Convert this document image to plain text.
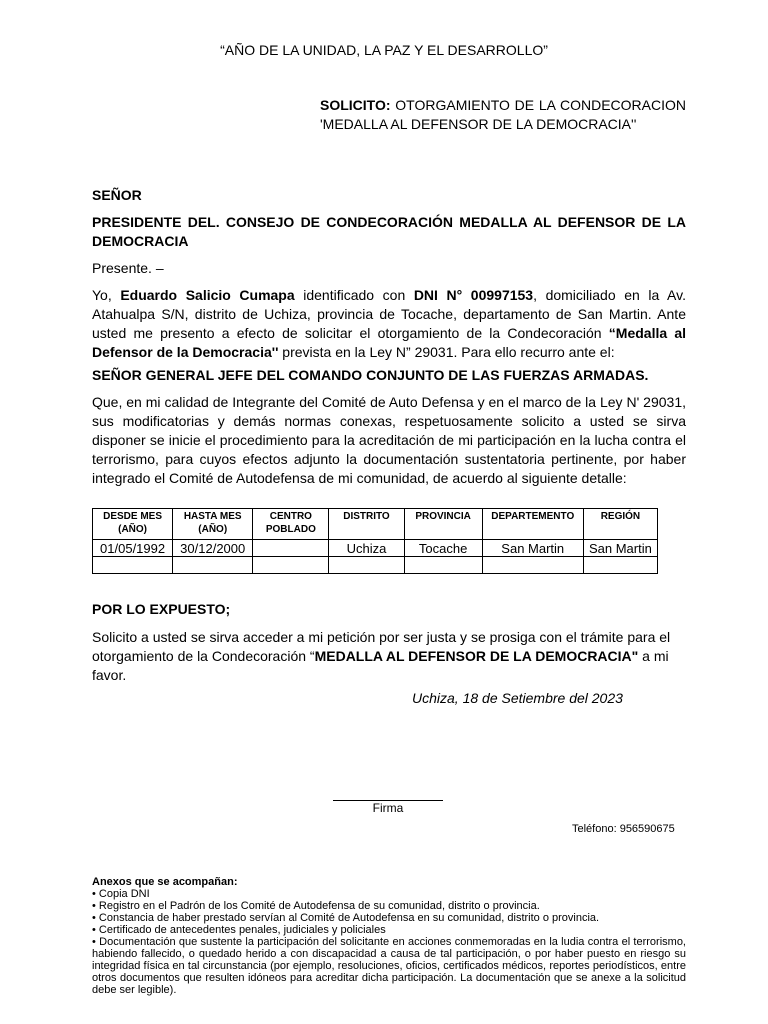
“AÑO DE LA UNIDAD, LA PAZ Y EL DESARROLLO”
SOLICITO: OTORGAMIENTO DE LA CONDECORACION 'MEDALLA AL DEFENSOR DE LA DEMOCRACIA''
SEÑOR
PRESIDENTE DEL. CONSEJO DE CONDECORACIÓN MEDALLA AL DEFENSOR DE LA DEMOCRACIA
Presente. –
Yo, Eduardo Salicio Cumapa identificado con DNI N° 00997153, domiciliado en la Av. Atahualpa S/N, distrito de Uchiza, provincia de Tocache, departamento de San Martin. Ante usted me presento a efecto de solicitar el otorgamiento de la Condecoración “Medalla al Defensor de la Democracia'' prevista en la Ley N” 29031. Para ello recurro ante el:
SEÑOR GENERAL JEFE DEL COMANDO CONJUNTO DE LAS FUERZAS ARMADAS.
Que, en mi calidad de Integrante del Comité de Auto Defensa y en el marco de la Ley N' 29031, sus modificatorias y demás normas conexas, respetuosamente solicito a usted se sirva disponer se inicie el procedimiento para la acreditación de mi participación en la lucha contra el terrorismo, para cuyos efectos adjunto la documentación sustentatoria pertinente, por haber integrado el Comité de Autodefensa de mi comunidad, de acuerdo al siguiente detalle:
DESDE MES (AÑO)	HASTA MES (AÑO)	CENTRO POBLADO	DISTRITO	PROVINCIA	DEPARTEMENTO	REGIÓN
01/05/1992	30/12/2000		Uchiza	Tocache	San Martin	San Martin

POR LO EXPUESTO;
Solicito a usted se sirva acceder a mi petición por ser justa y se prosiga con el trámite para el otorgamiento de la Condecoración “MEDALLA AL DEFENSOR DE LA DEMOCRACIA" a mi favor.
Uchiza, 18 de Setiembre del 2023
Firma
Teléfono: 956590675
Anexos que se acompañan:
• Copia DNI
• Registro en el Padrón de los Comité de Autodefensa de su comunidad, distrito o provincia.
• Constancia de haber prestado servían al Comité de Autodefensa en su comunidad, distrito o provincia.
• Certificado de antecedentes penales, judiciales y policiales
• Documentación que sustente la participación del solicitante en acciones conmemoradas en la ludia contra el terrorismo, habiendo fallecido, o quedado herido a con discapacidad a causa de tal participación, o por haber puesto en riesgo su integridad física en tal circunstancia (por ejemplo, resoluciones, oficios, certificados médicos, reportes periodísticos, entre otros documentos que resulten idóneos para acreditar dicha participación. La documentación que se anexe a la solicitud debe ser legible).
